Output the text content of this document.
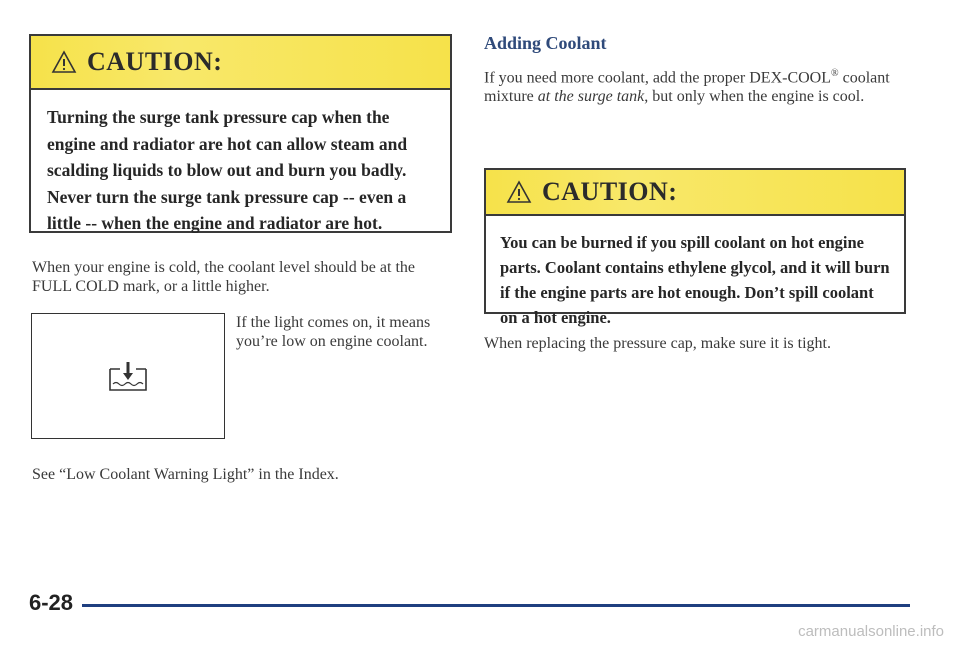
CAUTION:
Turning the surge tank pressure cap when the engine and radiator are hot can allow steam and scalding liquids to blow out and burn you badly. Never turn the surge tank pressure cap -- even a little -- when the engine and radiator are hot.
When your engine is cold, the coolant level should be at the FULL COLD mark, or a little higher.
If the light comes on, it means you’re low on engine coolant.
See “Low Coolant Warning Light” in the Index.
Adding Coolant
If you need more coolant, add the proper DEX-COOL® coolant mixture at the surge tank, but only when the engine is cool.
CAUTION:
You can be burned if you spill coolant on hot engine parts. Coolant contains ethylene glycol, and it will burn if the engine parts are hot enough. Don’t spill coolant on a hot engine.
When replacing the pressure cap, make sure it is tight.
6-28
carmanualsonline.info
